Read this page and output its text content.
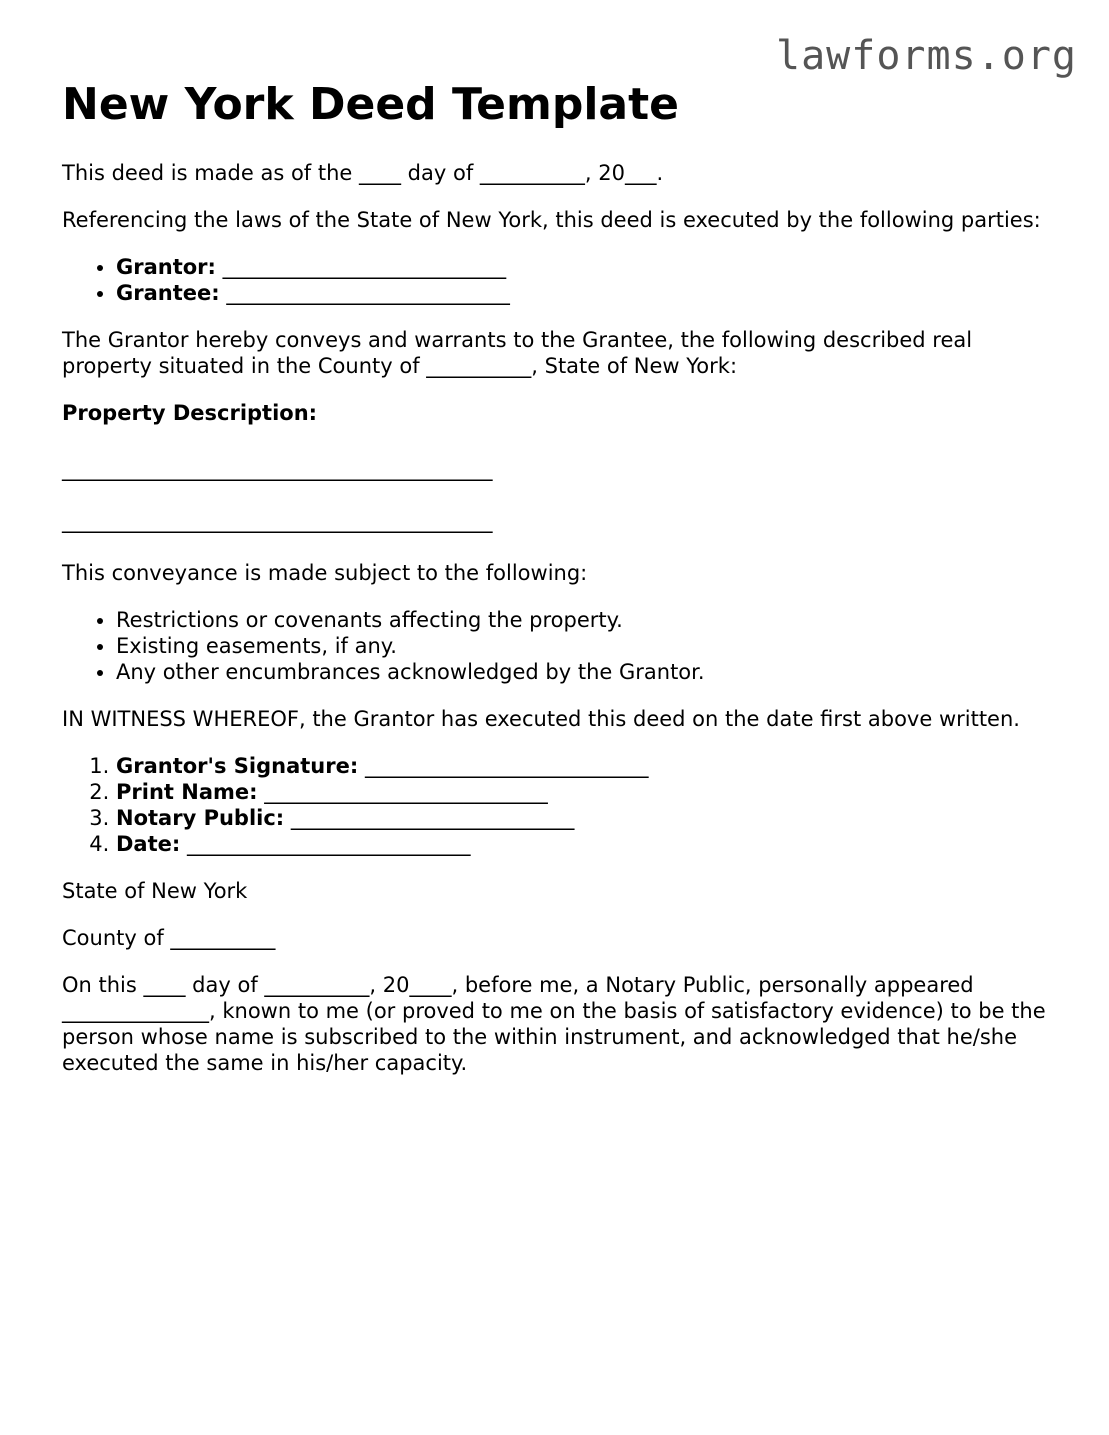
lawforms.org
New York Deed Template

This deed is made as of the ____ day of __________, 20___.

Referencing the laws of the State of New York, this deed is executed by the following parties:

• Grantor: ___________________________
• Grantee: ___________________________

The Grantor hereby conveys and warrants to the Grantee, the following described real property situated in the County of __________, State of New York:

Property Description:

_________________________________________
_________________________________________

This conveyance is made subject to the following:

• Restrictions or covenants affecting the property.
• Existing easements, if any.
• Any other encumbrances acknowledged by the Grantor.

IN WITNESS WHEREOF, the Grantor has executed this deed on the date first above written.

1. Grantor's Signature: ___________________________
2. Print Name: ___________________________
3. Notary Public: ___________________________
4. Date: ___________________________

State of New York

County of __________

On this ____ day of __________, 20____, before me, a Notary Public, personally appeared ______________, known to me (or proved to me on the basis of satisfactory evidence) to be the person whose name is subscribed to the within instrument, and acknowledged that he/she executed the same in his/her capacity.
